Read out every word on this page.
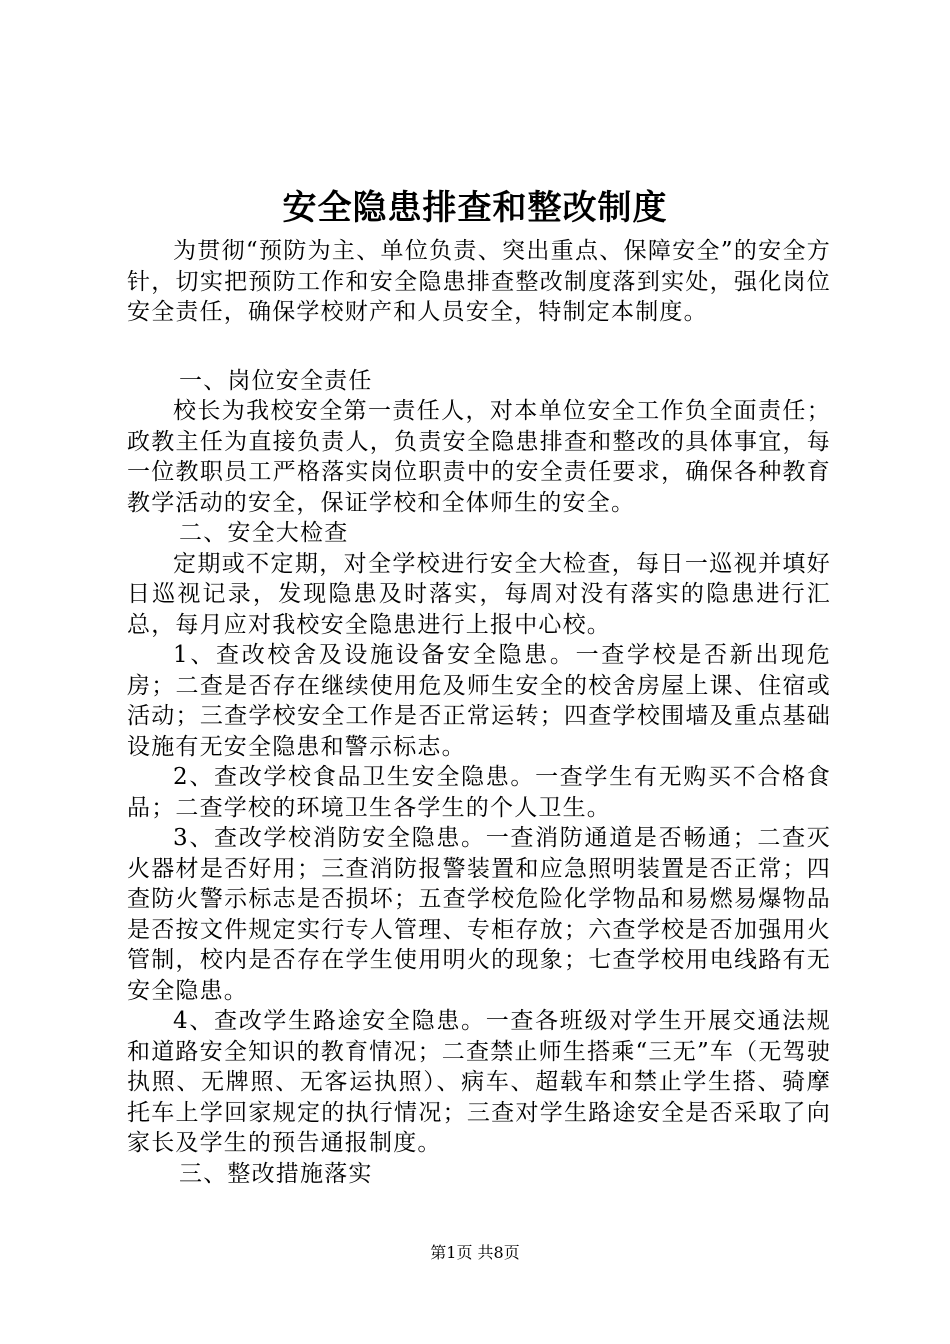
安全隐患排查和整改制度

为贯彻“预防为主、单位负责、突出重点、保障安全”的安全方针，切实把预防工作和安全隐患排查整改制度落到实处，强化岗位安全责任，确保学校财产和人员安全，特制定本制度。

一、岗位安全责任

校长为我校安全第一责任人，对本单位安全工作负全面责任；政教主任为直接负责人，负责安全隐患排查和整改的具体事宜，每一位教职员工严格落实岗位职责中的安全责任要求，确保各种教育教学活动的安全，保证学校和全体师生的安全。

二、安全大检查

定期或不定期，对全学校进行安全大检查，每日一巡视并填好日巡视记录，发现隐患及时落实，每周对没有落实的隐患进行汇总，每月应对我校安全隐患进行上报中心校。

1、查改校舍及设施设备安全隐患。一查学校是否新出现危房；二查是否存在继续使用危及师生安全的校舍房屋上课、住宿或活动；三查学校安全工作是否正常运转；四查学校围墙及重点基础设施有无安全隐患和警示标志。

2、查改学校食品卫生安全隐患。一查学生有无购买不合格食品；二查学校的环境卫生各学生的个人卫生。

3、查改学校消防安全隐患。一查消防通道是否畅通；二查灭火器材是否好用；三查消防报警装置和应急照明装置是否正常；四查防火警示标志是否损坏；五查学校危险化学物品和易燃易爆物品是否按文件规定实行专人管理、专柜存放；六查学校是否加强用火管制，校内是否存在学生使用明火的现象；七查学校用电线路有无安全隐患。

4、查改学生路途安全隐患。一查各班级对学生开展交通法规和道路安全知识的教育情况；二查禁止师生搭乘“三无”车（无驾驶执照、无牌照、无客运执照）、病车、超载车和禁止学生搭、骑摩托车上学回家规定的执行情况；三查对学生路途安全是否采取了向家长及学生的预告通报制度。

三、整改措施落实

第1页 共8页
